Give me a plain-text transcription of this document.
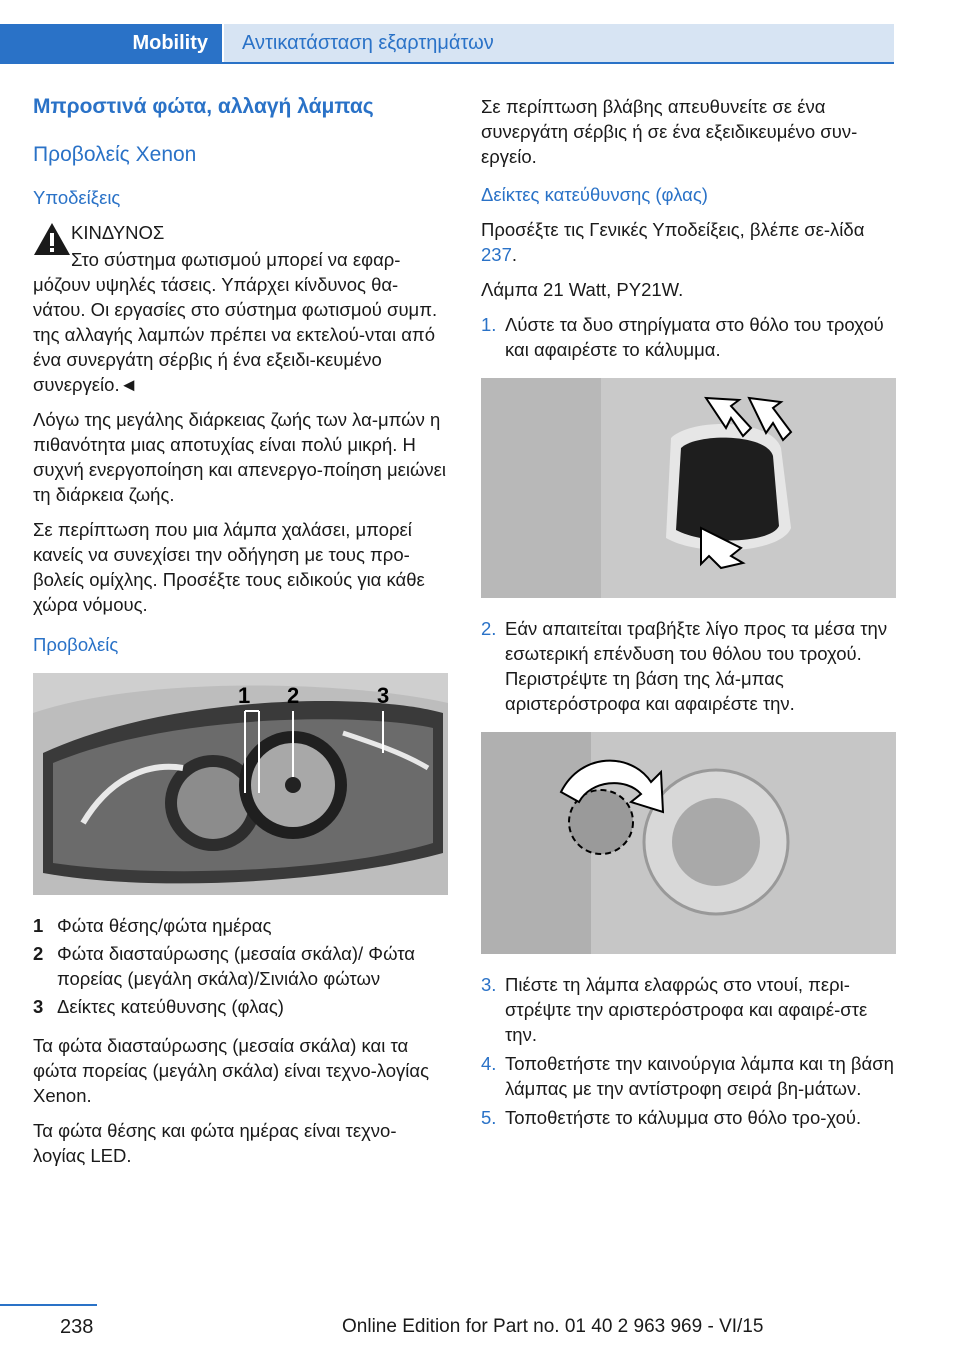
Mobility	Αντικατάσταση εξαρτημάτων
Μπροστινά φώτα, αλλαγή λάμπας
Προβολείς Xenon
Υποδείξεις

ΚΙΝΔΥΝΟΣ

Στο σύστημα φωτισμού μπορεί να εφαρ‐

μόζουν υψηλές τάσεις. Υπάρχει κίνδυνος θα‐νάτου. Οι εργασίες στο σύστημα φωτισμού συμπ. της αλλαγής λαμπών πρέπει να εκτελού‐νται από ένα συνεργάτη σέρβις ή ένα εξειδι‐κευμένο συνεργείο.◄

Λόγω της μεγάλης διάρκειας ζωής των λα‐μπών η πιθανότητα μιας αποτυχίας είναι πολύ μικρή. Η συχνή ενεργοποίηση και απενεργο‐ποίηση μειώνει τη διάρκεια ζωής.

Σε περίπτωση που μια λάμπα χαλάσει, μπορεί κανείς να συνεχίσει την οδήγηση με τους προ‐βολείς ομίχλης. Προσέξτε τους ειδικούς για κάθε χώρα νόμους.

Προβολείς
1 2	3
1 Φώτα θέσης/φώτα ημέρας
2 Φώτα διασταύρωσης (μεσαία σκάλα)/ Φώτα πορείας (μεγάλη σκάλα)/Σινιάλο φώτων
3 Δείκτες κατεύθυνσης (φλας)

Τα φώτα διασταύρωσης (μεσαία σκάλα) και τα φώτα πορείας (μεγάλη σκάλα) είναι τεχνο‐λογίας Xenon.

Τα φώτα θέσης και φώτα ημέρας είναι τεχνο‐λογίας LED.

Σε περίπτωση βλάβης απευθυνείτε σε ένα συνεργάτη σέρβις ή σε ένα εξειδικευμένο συν‐εργείο.

Δείκτες κατεύθυνσης (φλας)

Προσέξτε τις Γενικές Υποδείξεις, βλέπε σε‐λίδα 237.

Λάμπα 21 Watt, PY21W.

1. Λύστε τα δυο στηρίγματα στο θόλο του τροχού και αφαιρέστε το κάλυμμα.
2. Εάν απαιτείται τραβήξτε λίγο προς τα μέσα την εσωτερική επένδυση του θόλου του τροχού. Περιστρέψτε τη βάση της λά‐μπας αριστερόστροφα και αφαιρέστε την.
3. Πιέστε τη λάμπα ελαφρώς στο ντουί, περι‐στρέψτε την αριστερόστροφα και αφαιρέ‐στε την.
4. Τοποθετήστε την καινούργια λάμπα και τη βάση λάμπας με την αντίστροφη σειρά βη‐μάτων.
5. Τοποθετήστε το κάλυμμα στο θόλο τρο‐χού.
238	Online Edition for Part no. 01 40 2 963 969 - VI/15
